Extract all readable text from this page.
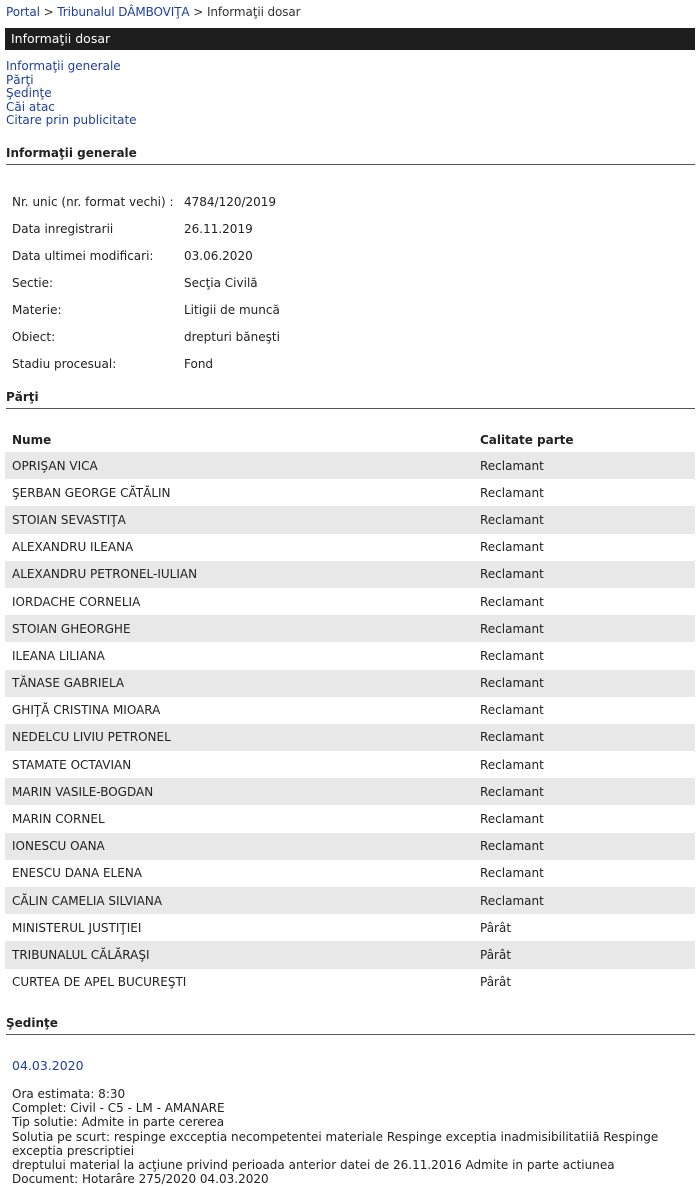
Portal > Tribunalul DÂMBOVIŢA > Informaţii dosar
Informaţii dosar
Informaţii generale
Părţi
Şedinţe
Căi atac
Citare prin publicitate
Informaţii generale
Nr. unic (nr. format vechi) : 4784/120/2019
Data inregistrarii	26.11.2019
Data ultimei modificari:	03.06.2020
Sectie:	Secţia Civilă
Materie:	Litigii de muncă
Obiect:	drepturi băneşti
Stadiu procesual:	Fond
Părţi
Nume	Calitate parte
OPRIŞAN VICA	Reclamant
ŞERBAN GEORGE CĂTĂLIN	Reclamant
STOIAN SEVASTIŢA	Reclamant
ALEXANDRU ILEANA	Reclamant
ALEXANDRU PETRONEL-IULIAN	Reclamant
IORDACHE CORNELIA	Reclamant
STOIAN GHEORGHE	Reclamant
ILEANA LILIANA	Reclamant
TĂNASE GABRIELA	Reclamant
GHIŢĂ CRISTINA MIOARA	Reclamant
NEDELCU LIVIU PETRONEL	Reclamant
STAMATE OCTAVIAN	Reclamant
MARIN VASILE-BOGDAN	Reclamant
MARIN CORNEL	Reclamant
IONESCU OANA	Reclamant
ENESCU DANA ELENA	Reclamant
CĂLIN CAMELIA SILVIANA	Reclamant
MINISTERUL JUSTIŢIEI	Pârât
TRIBUNALUL CĂLĂRAŞI	Pârât
CURTEA DE APEL BUCUREŞTI	Pârât
Şedinţe
04.03.2020
Ora estimata: 8:30
Complet: Civil - C5 - LM - AMANARE
Tip solutie: Admite in parte cererea
Solutia pe scurt: respinge excceptia necompetentei materiale Respinge exceptia inadmisibilitatiiă Respinge exceptia prescriptiei
dreptului material la acţiune privind perioada anterior datei de 26.11.2016 Admite in parte actiunea
Document: Hotarâre 275/2020 04.03.2020
